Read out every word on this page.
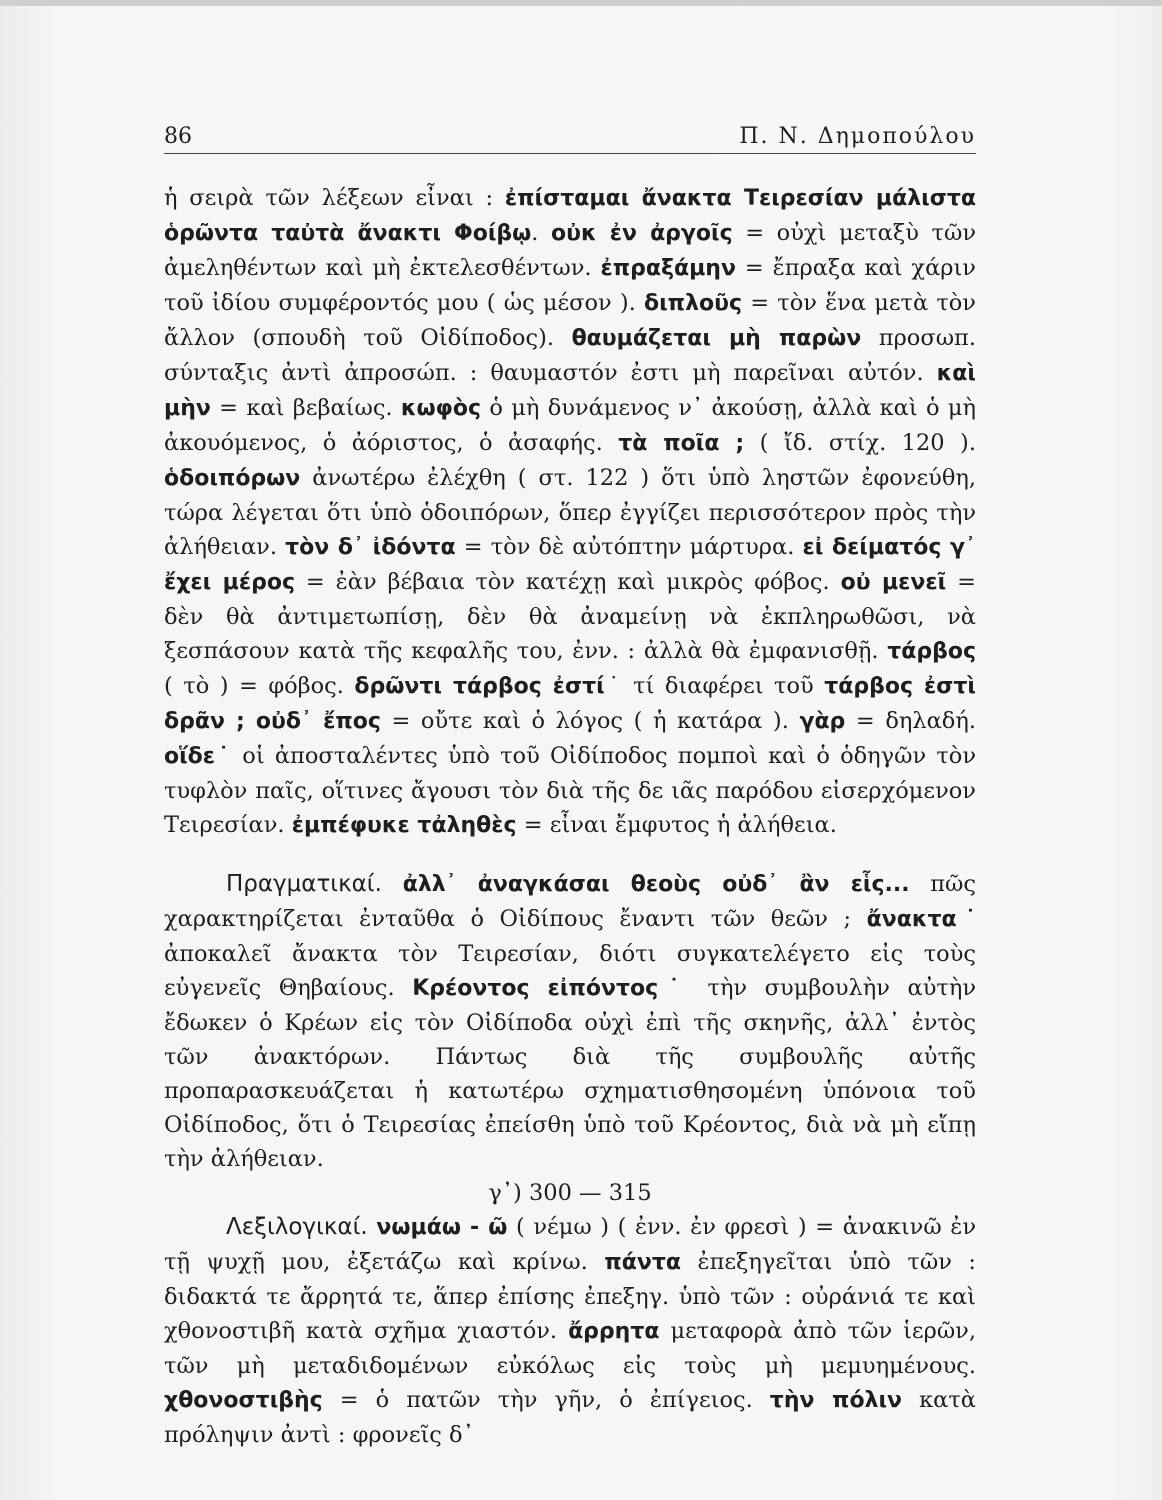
86	Π. Ν. Δημοπούλου

ἡ σειρὰ τῶν λέξεων εἶναι : ἐπίσταμαι ἄνακτα Τειρεσίαν μάλιστα ὁρῶντα ταὐτὰ ἄνακτι Φοίβῳ. οὐκ ἐν ἀργοῖς = οὐχὶ μεταξὺ τῶν ἀμεληθέντων καὶ μὴ ἐκτελεσθέντων. ἐπραξάμην = ἔπραξα καὶ χάριν τοῦ ἰδίου συμφέροντός μου ( ὡς μέσον ). διπλοῦς = τὸν ἕνα μετὰ τὸν ἄλλον (σπουδὴ τοῦ Οἰδίποδος). θαυμάζεται μὴ παρὼν προσωπ. σύνταξις ἀντὶ ἀπροσώπ. : θαυμαστόν ἐστι μὴ παρεῖναι αὐτόν. καὶ μὴν = καὶ βεβαίως. κωφὸς ὁ μὴ δυνάμενος ν᾽ ἀκούσῃ, ἀλλὰ καὶ ὁ μὴ ἀκουόμενος, ὁ ἀόριστος, ὁ ἀσαφής. τὰ ποῖα ; ( ἴδ. στίχ. 120 ). ὁδοιπόρων ἀνωτέρω ἐλέχθη ( στ. 122 ) ὅτι ὑπὸ ληστῶν ἐφονεύθη, τώρα λέγεται ὅτι ὑπὸ ὁδοιπόρων, ὅπερ ἐγγίζει περισσότερον πρὸς τὴν ἀλήθειαν. τὸν δ᾽ ἰδόντα = τὸν δὲ αὐτόπτην μάρτυρα. εἰ δείματός γ᾽ ἔχει μέρος = ἐὰν βέβαια τὸν κατέχῃ καὶ μικρὸς φόβος. οὐ μενεῖ = δὲν θὰ ἀντιμετωπίσῃ, δὲν θὰ ἀναμείνῃ νὰ ἐκπληρωθῶσι, νὰ ξεσπάσουν κατὰ τῆς κεφαλῆς του, ἐνν. : ἀλλὰ θὰ ἐμφανισθῇ. τάρβος ( τὸ ) = φόβος. δρῶντι τάρβος ἐστί˙ τί διαφέρει τοῦ τάρβος ἐστὶ δρᾶν ; οὐδ᾽ ἔπος = οὔτε καὶ ὁ λόγος ( ἡ κατάρα ). γὰρ = δηλαδή. οἵδε˙ οἱ ἀποσταλέντες ὑπὸ τοῦ Οἰδίποδος πομποὶ καὶ ὁ ὁδηγῶν τὸν τυφλὸν παῖς, οἵτινες ἄγουσι τὸν διὰ τῆς δε ιᾶς παρόδου εἰσερχόμενον Τειρεσίαν. ἐμπέφυκε τἀληθὲς = εἶναι ἔμφυτος ἡ ἀλήθεια.

Πραγματικαί. ἀλλ᾽ ἀναγκάσαι θεοὺς οὐδ᾽ ἂν εἷς... πῶς χαρακτηρίζεται ἐνταῦθα ὁ Οἰδίπους ἔναντι τῶν θεῶν ; ἄνακτα˙ ἀποκαλεῖ ἄνακτα τὸν Τειρεσίαν, διότι συγκατελέγετο εἰς τοὺς εὐγενεῖς Θηβαίους. Κρέοντος εἰπόντος˙ τὴν συμβουλὴν αὐτὴν ἔδωκεν ὁ Κρέων εἰς τὸν Οἰδίποδα οὐχὶ ἐπὶ τῆς σκηνῆς, ἀλλ᾽ ἐντὸς τῶν ἀνακτόρων. Πάντως διὰ τῆς συμβουλῆς αὐτῆς προπαρασκευάζεται ἡ κατωτέρω σχηματισθησομένη ὑπόνοια τοῦ Οἰδίποδος, ὅτι ὁ Τειρεσίας ἐπείσθη ὑπὸ τοῦ Κρέοντος, διὰ νὰ μὴ εἴπῃ τὴν ἀλήθειαν.

γ᾽) 300 — 315

Λεξιλογικαί. νωμάω - ῶ ( νέμω ) ( ἐνν. ἐν φρεσὶ ) = ἀνακινῶ ἐν τῇ ψυχῇ μου, ἐξετάζω καὶ κρίνω. πάντα ἐπεξηγεῖται ὑπὸ τῶν : διδακτά τε ἄρρητά τε, ἅπερ ἐπίσης ἐπεξηγ. ὑπὸ τῶν : οὐράνιά τε καὶ χθονοστιβῆ κατὰ σχῆμα χιαστόν. ἄρρητα μεταφορὰ ἀπὸ τῶν ἱερῶν, τῶν μὴ μεταδιδομένων εὐκόλως εἰς τοὺς μὴ μεμυημένους. χθονοστιβὴς = ὁ πατῶν τὴν γῆν, ὁ ἐπίγειος. τὴν πόλιν κατὰ πρόληψιν ἀντὶ : φρονεῖς δ᾽
